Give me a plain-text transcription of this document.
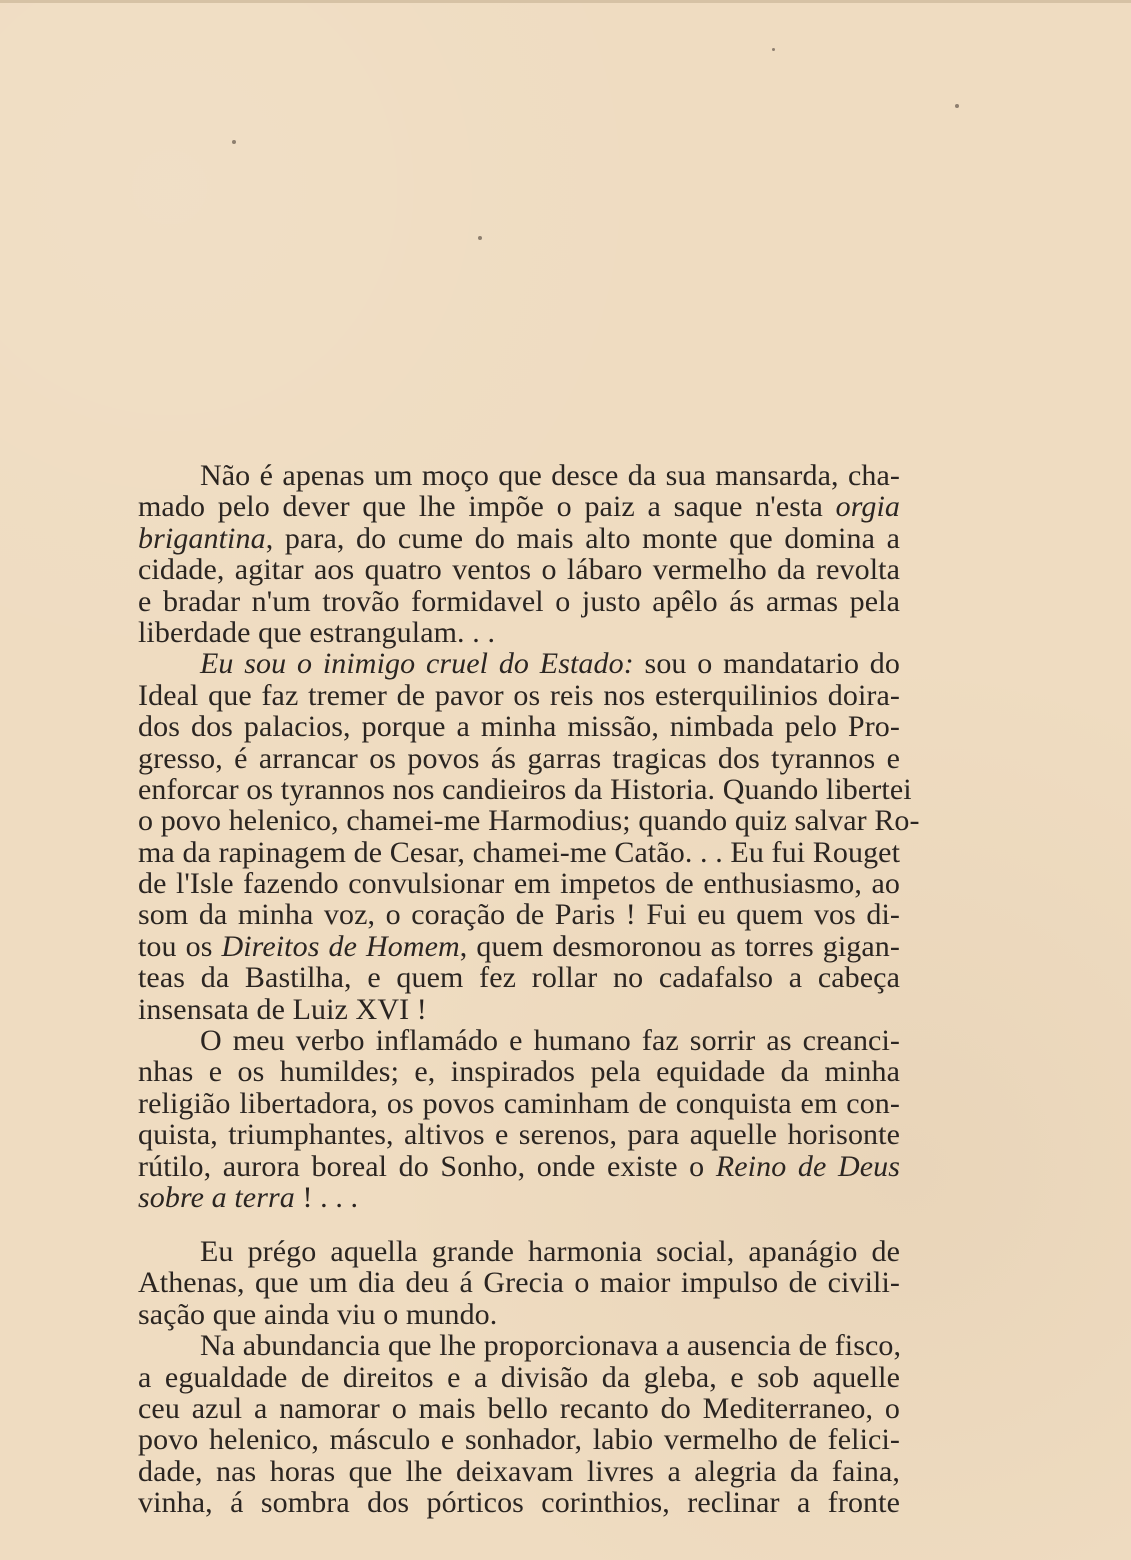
Não é apenas um moço que desce da sua mansarda, cha-
mado pelo dever que lhe impõe o paiz a saque n'esta orgia
brigantina, para, do cume do mais alto monte que domina a
cidade, agitar aos quatro ventos o lábaro vermelho da revolta
e bradar n'um trovão formidavel o justo apêlo ás armas pela
liberdade que estrangulam. . .
Eu sou o inimigo cruel do Estado: sou o mandatario do
Ideal que faz tremer de pavor os reis nos esterquilinios doira-
dos dos palacios, porque a minha missão, nimbada pelo Pro-
gresso, é arrancar os povos ás garras tragicas dos tyrannos e
enforcar os tyrannos nos candieiros da Historia. Quando libertei
o povo helenico, chamei-me Harmodius; quando quiz salvar Ro-
ma da rapinagem de Cesar, chamei-me Catão. . . Eu fui Rouget
de l'Isle fazendo convulsionar em impetos de enthusiasmo, ao
som da minha voz, o coração de Paris ! Fui eu quem vos di-
tou os Direitos de Homem, quem desmoronou as torres gigan-
teas da Bastilha, e quem fez rollar no cadafalso a cabeça
insensata de Luiz XVI !
O meu verbo inflamádo e humano faz sorrir as creanci-
nhas e os humildes; e, inspirados pela equidade da minha
religião libertadora, os povos caminham de conquista em con-
quista, triumphantes, altivos e serenos, para aquelle horisonte
rútilo, aurora boreal do Sonho, onde existe o Reino de Deus
sobre a terra ! . . .
Eu prégo aquella grande harmonia social, apanágio de
Athenas, que um dia deu á Grecia o maior impulso de civili-
sação que ainda viu o mundo.
Na abundancia que lhe proporcionava a ausencia de fisco,
a egualdade de direitos e a divisão da gleba, e sob aquelle
ceu azul a namorar o mais bello recanto do Mediterraneo, o
povo helenico, másculo e sonhador, labio vermelho de felici-
dade, nas horas que lhe deixavam livres a alegria da faina,
vinha, á sombra dos pórticos corinthios, reclinar a fronte
